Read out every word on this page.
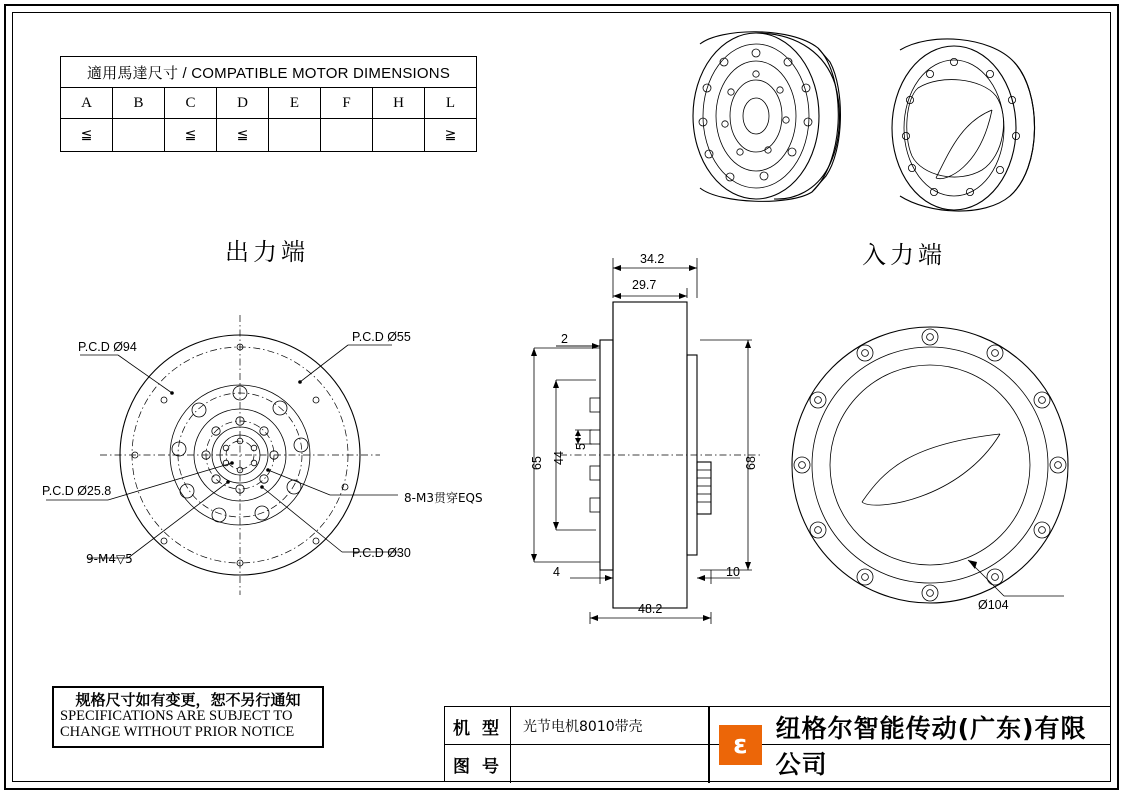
適用馬達尺寸 / COMPATIBLE MOTOR DIMENSIONS							
A	B	C	D	E	F	H	L
≦		≦	≦				≧
出力端	入力端
P.C.D Ø94
P.C.D Ø55
P.C.D Ø25.8
P.C.D Ø30
8-M3贯穿EQS
9-M4▽5
34.2
29.7
2
65 44
5
68
4	10
48.2	Ø104
规格尺寸如有变更，恕不另行通知
SPECIFICATIONS ARE SUBJECT TO
CHANGE WITHOUT PRIOR NOTICE	机 型	光节电机8010带壳
图 号
ε
纽格尔智能传动(广东)有限公司
